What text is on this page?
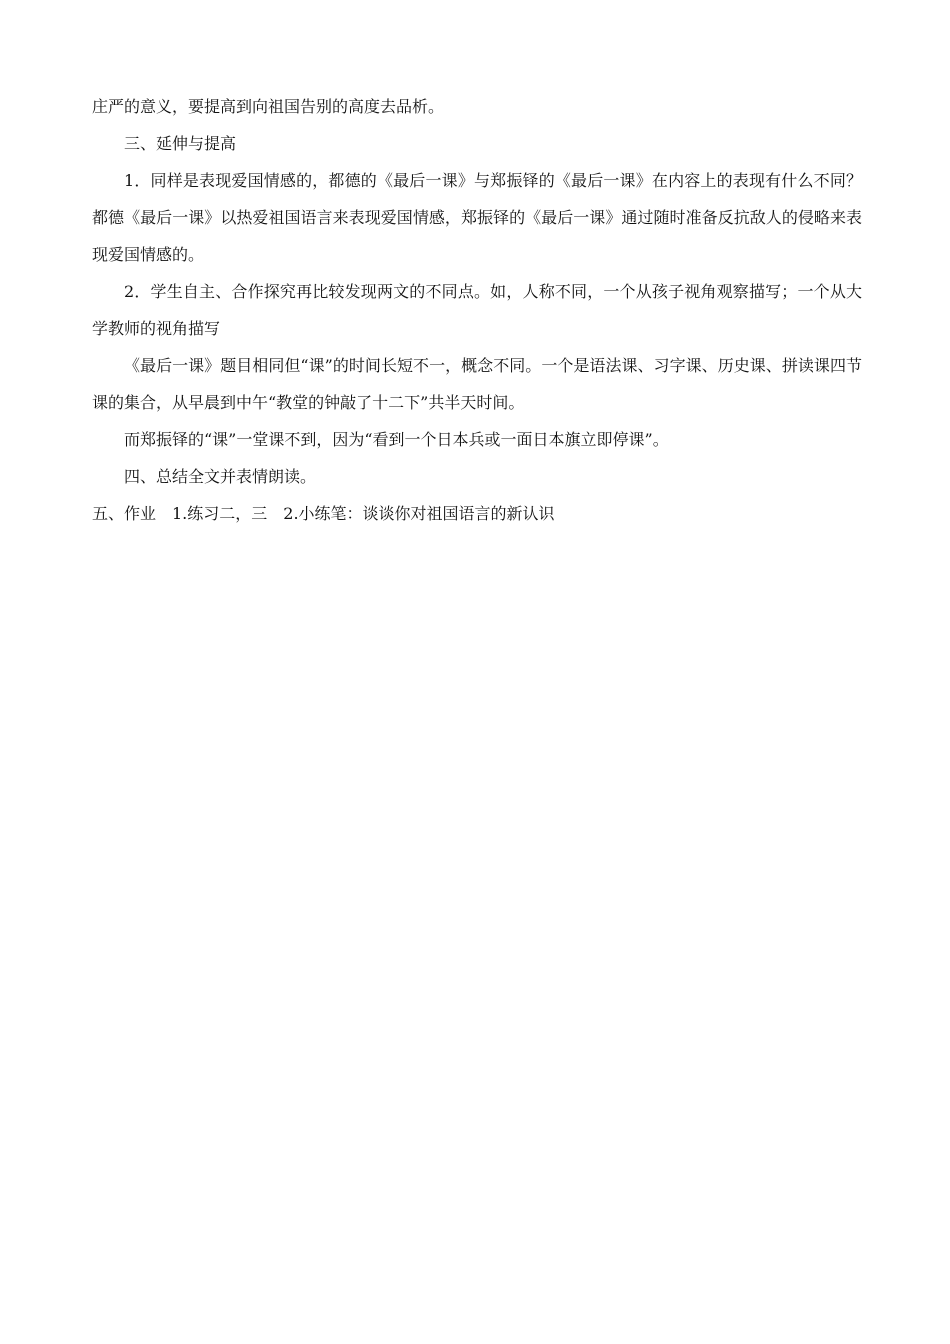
庄严的意义，要提高到向祖国告别的高度去品析。

三、延伸与提高

1．同样是表现爱国情感的，都德的《最后一课》与郑振铎的《最后一课》在内容上的表现有什么不同？都德《最后一课》以热爱祖国语言来表现爱国情感，郑振铎的《最后一课》通过随时准备反抗敌人的侵略来表现爱国情感的。

2．学生自主、合作探究再比较发现两文的不同点。如，人称不同，一个从孩子视角观察描写；一个从大学教师的视角描写

《最后一课》题目相同但“课”的时间长短不一，概念不同。一个是语法课、习字课、历史课、拼读课四节课的集合，从早晨到中午“教堂的钟敲了十二下”共半天时间。

而郑振铎的“课”一堂课不到，因为“看到一个日本兵或一面日本旗立即停课”。

四、总结全文并表情朗读。

五、作业　1.练习二，三　2.小练笔：谈谈你对祖国语言的新认识
